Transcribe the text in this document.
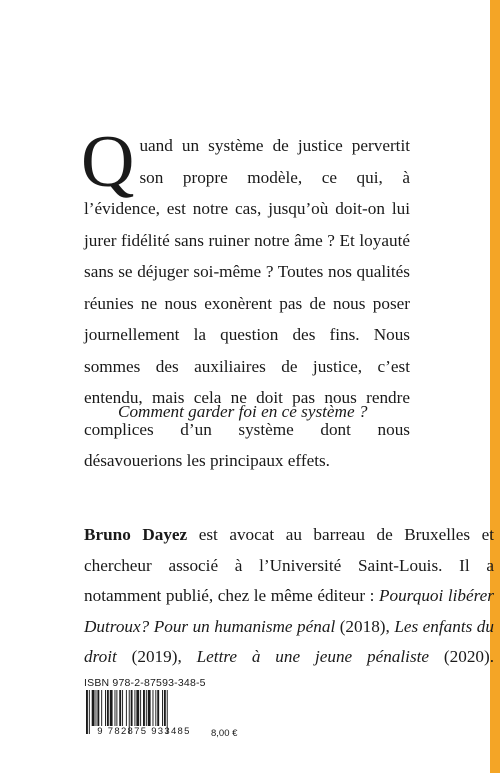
Q uand un système de justice pervertit son propre modèle, ce qui, à l’évidence, est notre cas, jusqu’où doit-on lui jurer fidélité sans ruiner notre âme ? Et loyauté sans se déjuger soi-même ? Toutes nos qualités réunies ne nous exonèrent pas de nous poser journellement la question des fins. Nous sommes des auxiliaires de justice, c’est entendu, mais cela ne doit pas nous rendre complices d’un système dont nous désavouerions les principaux effets.
Comment garder foi en ce système ?

Bruno Dayez est avocat au barreau de Bruxelles et chercheur associé à l’Université Saint-Louis. Il a notamment publié, chez le même éditeur : Pourquoi libérer Dutroux? Pour un humanisme pénal (2018), Les enfants du droit (2019), Lettre à une jeune pénaliste (2020).

ISBN 978-2-87593-348-5
9 782875 933485	8,00 €
